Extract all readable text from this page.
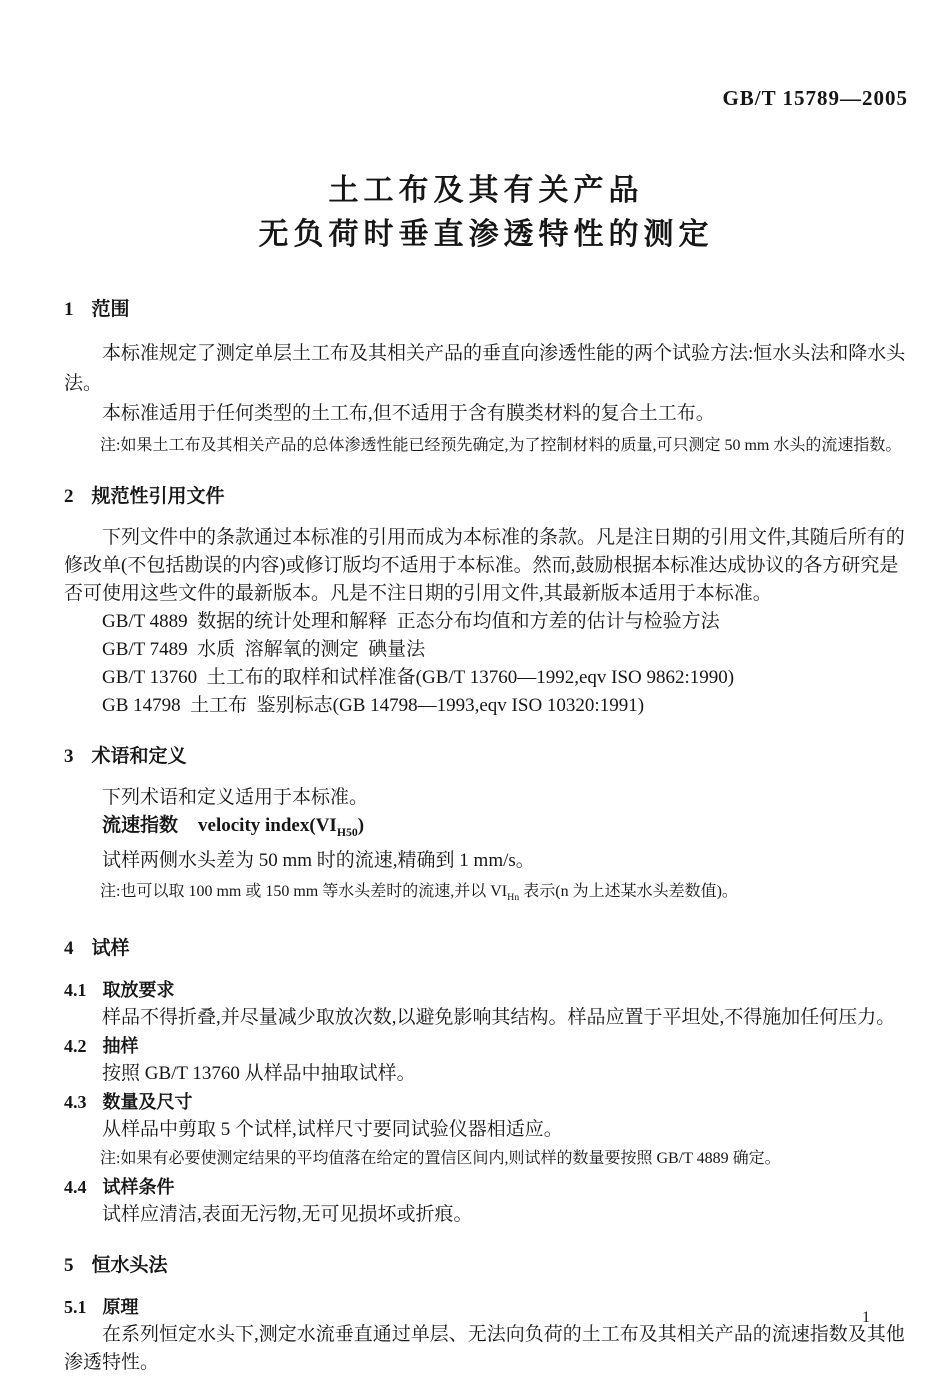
GB/T 15789—2005
土工布及其有关产品
无负荷时垂直渗透特性的测定
1 范围

本标准规定了测定单层土工布及其相关产品的垂直向渗透性能的两个试验方法:恒水头法和降水头法。

本标准适用于任何类型的土工布,但不适用于含有膜类材料的复合土工布。

注:如果土工布及其相关产品的总体渗透性能已经预先确定,为了控制材料的质量,可只测定 50 mm 水头的流速指数。
2 规范性引用文件

下列文件中的条款通过本标准的引用而成为本标准的条款。凡是注日期的引用文件,其随后所有的修改单(不包括勘误的内容)或修订版均不适用于本标准。然而,鼓励根据本标准达成协议的各方研究是否可使用这些文件的最新版本。凡是不注日期的引用文件,其最新版本适用于本标准。

GB/T 4889  数据的统计处理和解释  正态分布均值和方差的估计与检验方法

GB/T 7489  水质  溶解氧的测定  碘量法

GB/T 13760  土工布的取样和试样准备(GB/T 13760—1992,eqv ISO 9862:1990)

GB 14798  土工布  鉴别标志(GB 14798—1993,eqv ISO 10320:1991)

3 术语和定义

下列术语和定义适用于本标准。

流速指数 velocity $index(VI_{H50})$

试样两侧水头差为 50 mm 时的流速,精确到 1 mm/s。

注:也可以取 100 mm 或 150 mm 等水头差时的流速,并以 $VI_{Hn}$ 表示(n 为上述某水头差数值)。
4 试样
4.1 取放要求

样品不得折叠,并尽量减少取放次数,以避免影响其结构。样品应置于平坦处,不得施加任何压力。

4.2 抽样

按照 GB/T 13760 从样品中抽取试样。

4.3 数量及尺寸

从样品中剪取 5 个试样,试样尺寸要同试验仪器相适应。

注:如果有必要使测定结果的平均值落在给定的置信区间内,则试样的数量要按照 GB/T 4889 确定。
4.4 试样条件

试样应清洁,表面无污物,无可见损坏或折痕。

5 恒水头法
5.1 原理

在系列恒定水头下,测定水流垂直通过单层、无法向负荷的土工布及其相关产品的流速指数及其他渗透特性。

1
